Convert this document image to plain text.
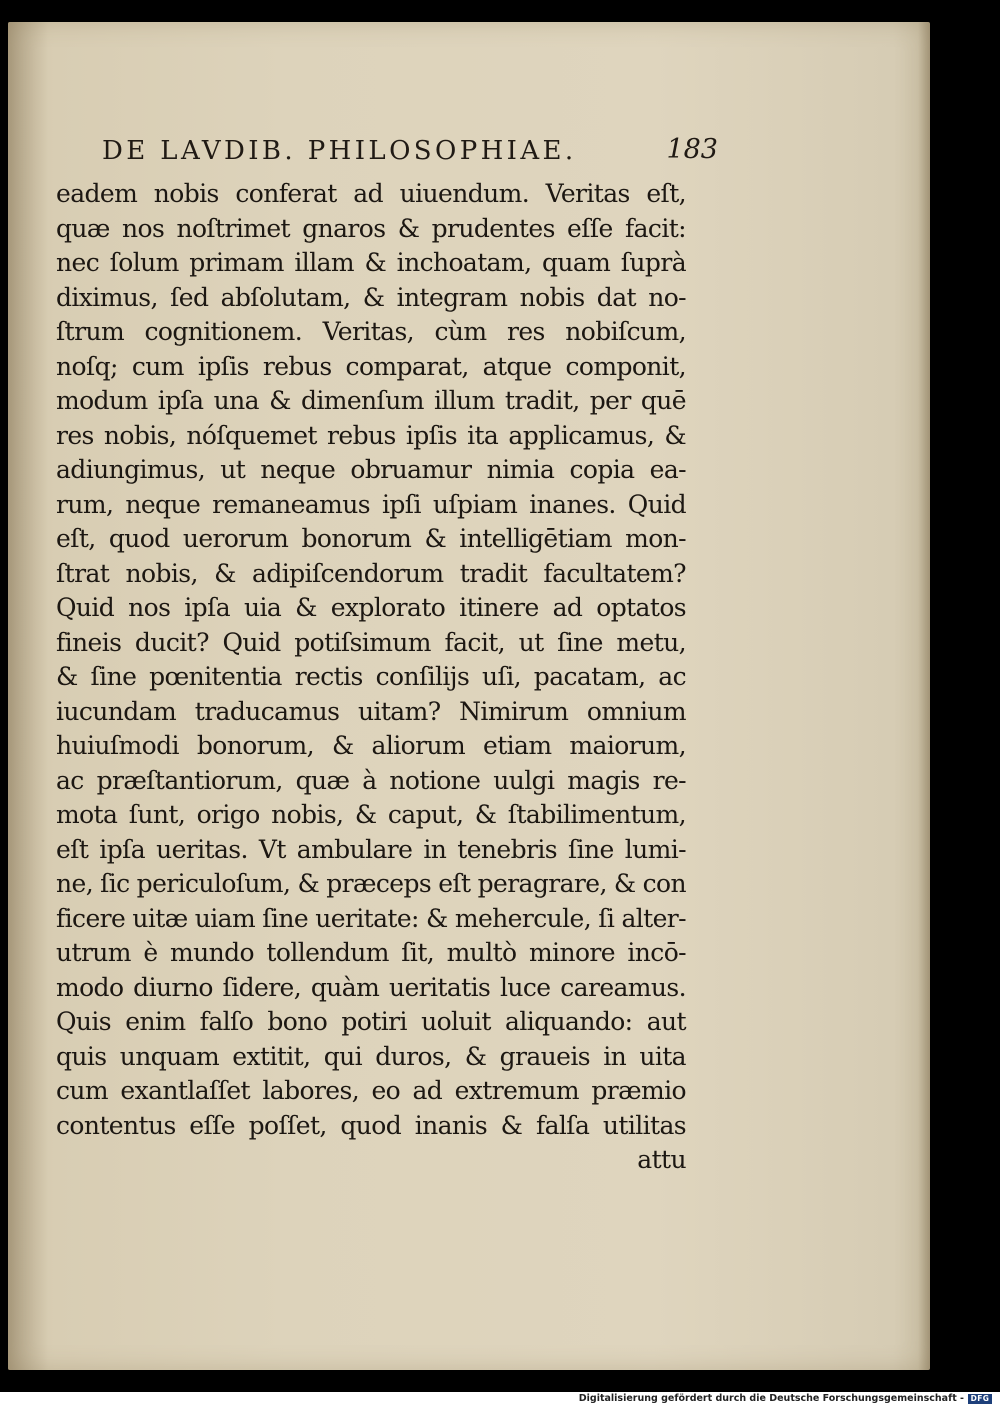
DE LAVDIB. PHILOSOPHIAE.	183
eadem nobis conferat ad uiuendum. Veritas eſt,
quæ nos noſtrimet gnaros & prudentes eſſe facit:
nec ſolum primam illam & inchoatam, quam ſuprà
diximus, ſed abſolutam, & integram nobis dat no-
ſtrum cognitionem. Veritas, cùm res nobiſcum,
noſq; cum ipſis rebus comparat, atque componit,
modum ipſa una & dimenſum illum tradit, per quē
res nobis, nóſquemet rebus ipſis ita applicamus, &
adiungimus, ut neque obruamur nimia copia ea-
rum, neque remaneamus ipſi uſpiam inanes. Quid
eſt, quod uerorum bonorum & intelligētiam mon-
ſtrat nobis, & adipiſcendorum tradit facultatem?
Quid nos ipſa uia & explorato itinere ad optatos
fineis ducit? Quid potiſsimum facit, ut ſine metu,
& ſine pœnitentia rectis conſilijs uſi, pacatam, ac
iucundam traducamus uitam? Nimirum omnium
huiuſmodi bonorum, & aliorum etiam maiorum,
ac præſtantiorum, quæ à notione uulgi magis re-
mota ſunt, origo nobis, & caput, & ſtabilimentum,
eſt ipſa ueritas. Vt ambulare in tenebris ſine lumi-
ne, ſic periculoſum, & præceps eſt peragrare, & con
ficere uitæ uiam ſine ueritate: & mehercule, ſi alter-
utrum è mundo tollendum ſit, multò minore incō-
modo diurno ſidere, quàm ueritatis luce careamus.
Quis enim falſo bono potiri uoluit aliquando: aut
quis unquam extitit, qui duros, & graueis in uita
cum exantlaſſet labores, eo ad extremum præmio
contentus eſſe poſſet, quod inanis & falſa utilitas
attu
Digitalisierung gefördert durch die Deutsche Forschungsgemeinschaft - DFG
